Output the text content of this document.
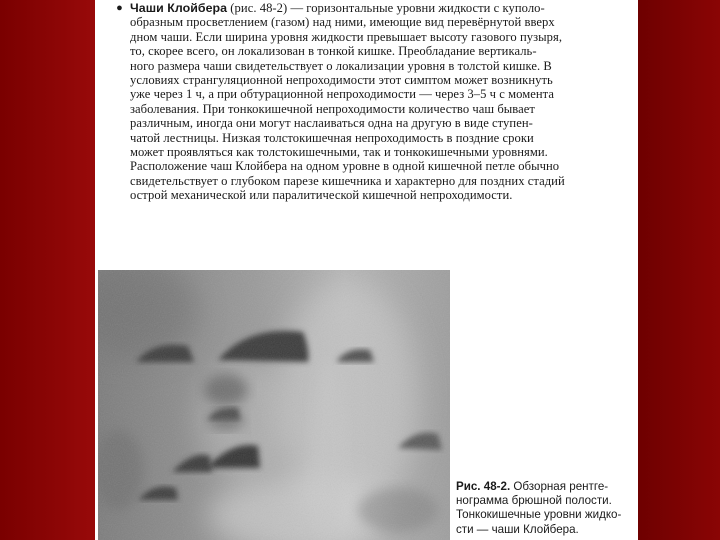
● Чаши Клойбера (рис. 48-2) — горизонтальные уровни жидкости с куполо-
образным просветлением (газом) над ними, имеющие вид перевёрнутой вверх
дном чаши. Если ширина уровня жидкости превышает высоту газового пузыря,
то, скорее всего, он локализован в тонкой кишке. Преобладание вертикаль-
ного размера чаши свидетельствует о локализации уровня в толстой кишке. В
условиях странгуляционной непроходимости этот симптом может возникнуть
уже через 1 ч, а при обтурационной непроходимости — через 3–5 ч с момента
заболевания. При тонкокишечной непроходимости количество чаш бывает
различным, иногда они могут наслаиваться одна на другую в виде ступен-
чатой лестницы. Низкая толстокишечная непроходимость в поздние сроки
может проявляться как толстокишечными, так и тонкокишечными уровнями.
Расположение чаш Клойбера на одном уровне в одной кишечной петле обычно
свидетельствует о глубоком парезе кишечника и характерно для поздних стадий
острой механической или паралитической кишечной непроходимости.
Рис. 48-2. Обзорная рентге-
нограмма брюшной полости.
Тонкокишечные уровни жидко-
сти — чаши Клойбера.
